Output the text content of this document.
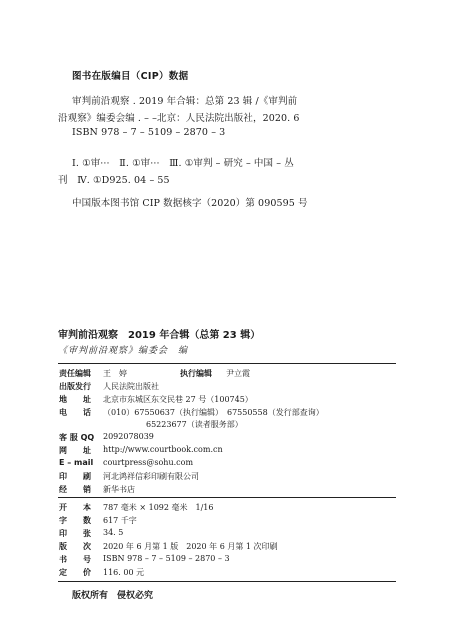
图书在版编目（CIP）数据
审判前沿观察 . 2019 年合辑：总第 23 辑 /《审判前
沿观察》编委会编 . – –北京：人民法院出版社，2020. 6
ISBN 978 – 7 – 5109 – 2870 – 3
Ⅰ. ①审···　Ⅱ. ①审···　Ⅲ. ①审判 – 研究 – 中国 – 丛
刊　Ⅳ. ①D925. 04 – 55
中国版本图书馆 CIP 数据核字（2020）第 090595 号
审判前沿观察　2019 年合辑（总第 23 辑）
《审判前沿观察》编委会　编
责任编辑 王　婷	执行编辑 尹立霞
出版发行 人民法院出版社
地　　址 北京市东城区东交民巷 27 号（100745）
电　　话 （010）67550637（执行编辑）　67550558（发行部查询）
65223677（读者服务部）
客 服 QQ 2092078039
网　　址 http://www.courtbook.com.cn
E – mail courtpress@sohu.com
印　　刷 河北鸿祥信彩印刷有限公司
经　　销 新华书店
开　　本 787 毫米 × 1092 毫米　1/16
字　　数 617 千字
印　　张 34. 5
版　　次 2020 年 6 月第 1 版　2020 年 6 月第 1 次印刷
书　　号 ISBN 978 – 7 – 5109 – 2870 – 3
定　　价 116. 00 元
版权所有　侵权必究
